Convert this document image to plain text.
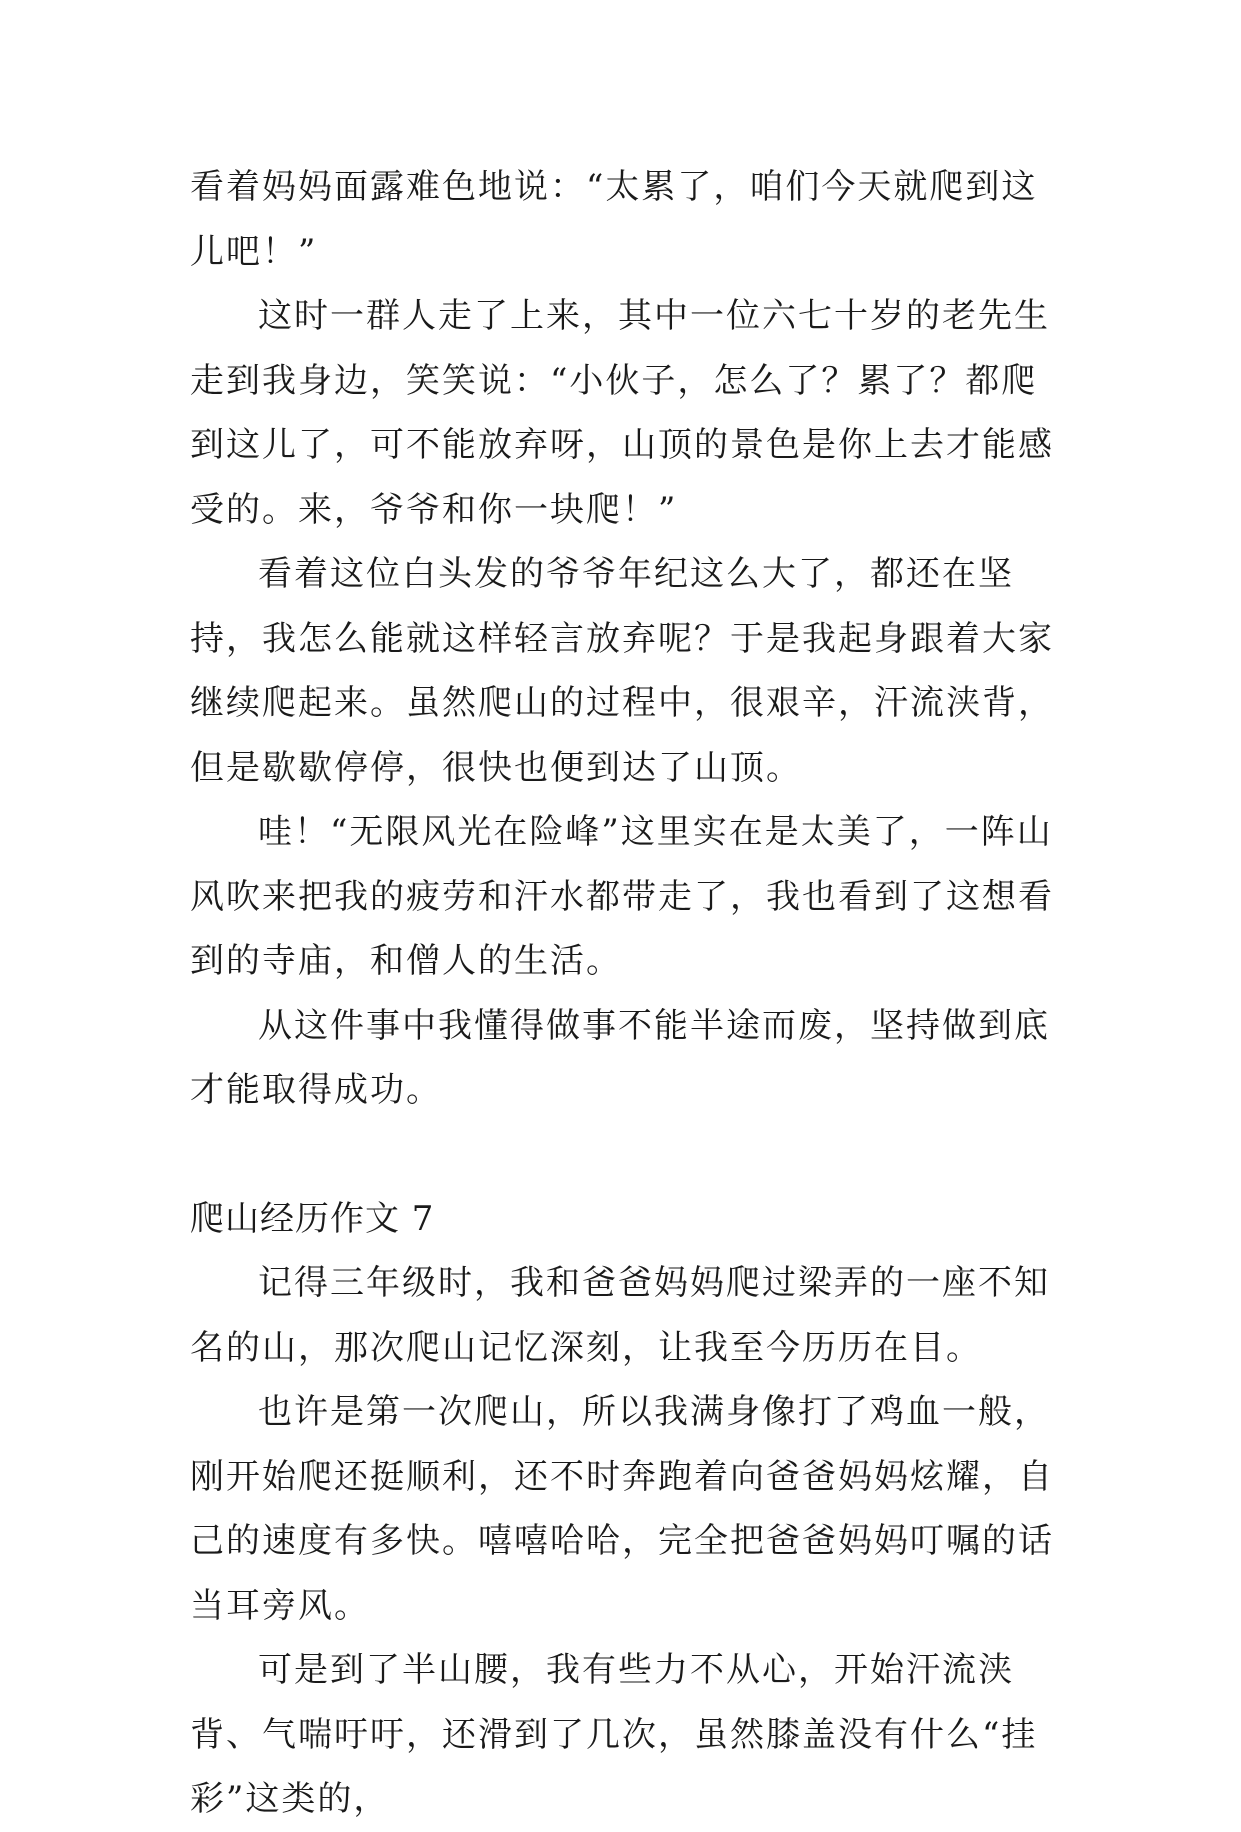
看着妈妈面露难色地说：“太累了，咱们今天就爬到这儿吧！”

这时一群人走了上来，其中一位六七十岁的老先生走到我身边，笑笑说：“小伙子，怎么了？累了？都爬到这儿了，可不能放弃呀，山顶的景色是你上去才能感受的。来，爷爷和你一块爬！”

看着这位白头发的爷爷年纪这么大了，都还在坚持，我怎么能就这样轻言放弃呢？于是我起身跟着大家继续爬起来。虽然爬山的过程中，很艰辛，汗流浃背，但是歇歇停停，很快也便到达了山顶。

哇！“无限风光在险峰”这里实在是太美了，一阵山风吹来把我的疲劳和汗水都带走了，我也看到了这想看到的寺庙，和僧人的生活。

从这件事中我懂得做事不能半途而废，坚持做到底才能取得成功。

爬山经历作文 7

记得三年级时，我和爸爸妈妈爬过梁弄的一座不知名的山，那次爬山记忆深刻，让我至今历历在目。

也许是第一次爬山，所以我满身像打了鸡血一般，刚开始爬还挺顺利，还不时奔跑着向爸爸妈妈炫耀，自己的速度有多快。嘻嘻哈哈，完全把爸爸妈妈叮嘱的话当耳旁风。

可是到了半山腰，我有些力不从心，开始汗流浃背、气喘吁吁，还滑到了几次，虽然膝盖没有什么“挂彩”这类的，
